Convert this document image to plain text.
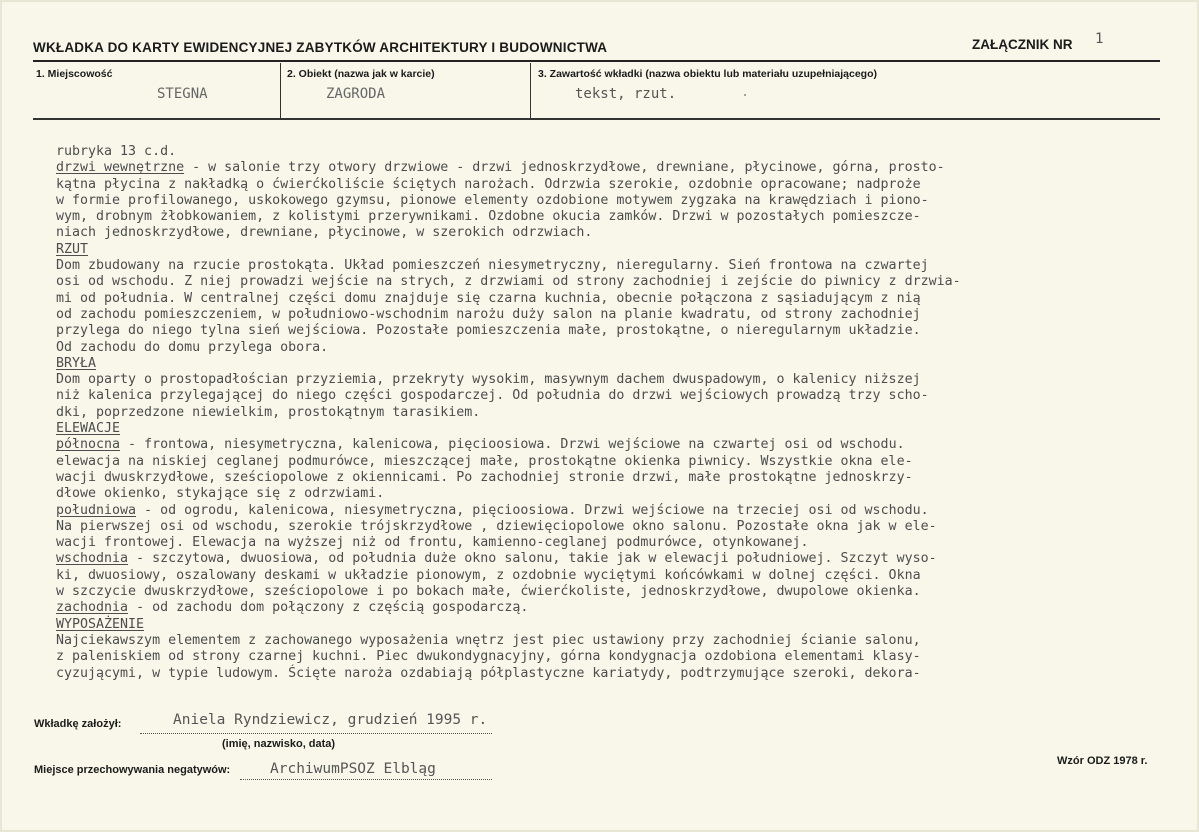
WKŁADKA DO KARTY EWIDENCYJNEJ ZABYTKÓW ARCHITEKTURY I BUDOWNICTWA	ZAŁĄCZNIK NR 1
1. Miejscowość
STEGNA
2. Obiekt (nazwa jak w karcie)
ZAGRODA
3. Zawartość wkładki (nazwa obiektu lub materiału uzupełniającego)
tekst, rzut.
rubryka 13 c.d.
drzwi wewnętrzne - w salonie trzy otwory drzwiowe - drzwi jednoskrzydłowe, drewniane, płycinowe, górna, prosto-
kątna płycina z nakładką o ćwierćkoliście ściętych narożach. Odrzwia szerokie, ozdobnie opracowane; nadproże
w formie profilowanego, uskokowego gzymsu, pionowe elementy ozdobione motywem zygzaka na krawędziach i piono-
wym, drobnym żłobkowaniem, z kolistymi przerywnikami. Ozdobne okucia zamków. Drzwi w pozostałych pomieszcze-
niach jednoskrzydłowe, drewniane, płycinowe, w szerokich odrzwiach.
RZUT
Dom zbudowany na rzucie prostokąta. Układ pomieszczeń niesymetryczny, nieregularny. Sień frontowa na czwartej
osi od wschodu. Z niej prowadzi wejście na strych, z drzwiami od strony zachodniej i zejście do piwnicy z drzwia-
mi od południa. W centralnej części domu znajduje się czarna kuchnia, obecnie połączona z sąsiadującym z nią
od zachodu pomieszczeniem, w południowo-wschodnim narożu duży salon na planie kwadratu, od strony zachodniej
przylega do niego tylna sień wejściowa. Pozostałe pomieszczenia małe, prostokątne, o nieregularnym układzie.
Od zachodu do domu przylega obora.
BRYŁA
Dom oparty o prostopadłościan przyziemia, przekryty wysokim, masywnym dachem dwuspadowym, o kalenicy niższej
niż kalenica przylegającej do niego części gospodarczej. Od południa do drzwi wejściowych prowadzą trzy scho-
dki, poprzedzone niewielkim, prostokątnym tarasikiem.
ELEWACJE
północna - frontowa, niesymetryczna, kalenicowa, pięcioosiowa. Drzwi wejściowe na czwartej osi od wschodu.
elewacja na niskiej ceglanej podmurówce, mieszczącej małe, prostokątne okienka piwnicy. Wszystkie okna ele-
wacji dwuskrzydłowe, sześciopolowe z okiennicami. Po zachodniej stronie drzwi, małe prostokątne jednoskrzy-
dłowe okienko, stykające się z odrzwiami.
południowa - od ogrodu, kalenicowa, niesymetryczna, pięcioosiowa. Drzwi wejściowe na trzeciej osi od wschodu.
Na pierwszej osi od wschodu, szerokie trójskrzydłowe , dziewięciopolowe okno salonu. Pozostałe okna jak w ele-
wacji frontowej. Elewacja na wyższej niż od frontu, kamienno-ceglanej podmurówce, otynkowanej.
wschodnia - szczytowa, dwuosiowa, od południa duże okno salonu, takie jak w elewacji południowej. Szczyt wyso-
ki, dwuosiowy, oszalowany deskami w układzie pionowym, z ozdobnie wyciętymi końcówkami w dolnej części. Okna
w szczycie dwuskrzydłowe, sześciopolowe i po bokach małe, ćwierćkoliste, jednoskrzydłowe, dwupolowe okienka.
zachodnia - od zachodu dom połączony z częścią gospodarczą.
WYPOSAŻENIE
Najciekawszym elementem z zachowanego wyposażenia wnętrz jest piec ustawiony przy zachodniej ścianie salonu,
z paleniskiem od strony czarnej kuchni. Piec dwukondygnacyjny, górna kondygnacja ozdobiona elementami klasy-
cyzującymi, w typie ludowym. Ścięte naroża ozdabiają półplastyczne kariatydy, podtrzymujące szeroki, dekora-
Wkładkę założył:	Aniela Ryndziewicz, grudzień 1995 r.
(imię, nazwisko, data)
Wzór ODZ 1978 r.
Miejsce przechowywania negatywów:	ArchiwumPSOZ Elbląg
